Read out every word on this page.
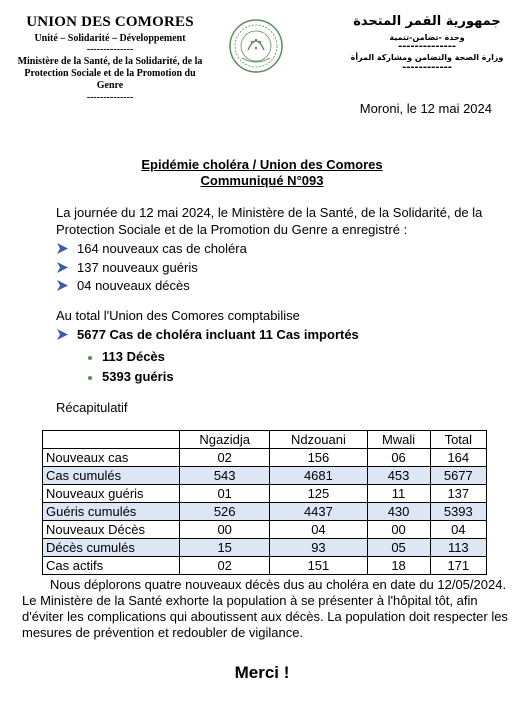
UNION DES COMORES
Unité – Solidarité – Développement
--------------
Ministère de la Santé, de la Solidarité, de la
Protection Sociale et de la Promotion du
Genre
--------------
جمهورية القمر المتحدة
وحدة -تضامن-تنمية
--------------
وزارة الصحة والتضامن ومشاركة المرأة
------------
Moroni, le 12 mai 2024
Epidémie choléra / Union des Comores
Communiqué N°093
La journée du 12 mai 2024, le Ministère de la Santé, de la Solidarité, de la Protection Sociale et de la Promotion du Genre a enregistré :
164 nouveaux cas de choléra
137 nouveaux guéris
04 nouveaux décès
Au total l'Union des Comores comptabilise
5677 Cas de choléra incluant 11 Cas importés
113 Décès
5393 guéris
Récapitulatif
	Ngazidja	Ndzouani	Mwali	Total
Nouveaux cas	02	156	06	164
Cas cumulés	543	4681	453	5677
Nouveaux guéris	01	125	11	137
Guéris cumulés	526	4437	430	5393
Nouveaux Décès	00	04	00	04
Décès cumulés	15	93	05	113
Cas actifs	02	151	18	171
Nous déplorons quatre nouveaux décès dus au choléra en date du 12/05/2024. Le Ministère de la Santé exhorte la population à se présenter à l'hôpital tôt, afin d'éviter les complications qui aboutissent aux décès. La population doit respecter les mesures de prévention et redoubler de vigilance.
Merci !
